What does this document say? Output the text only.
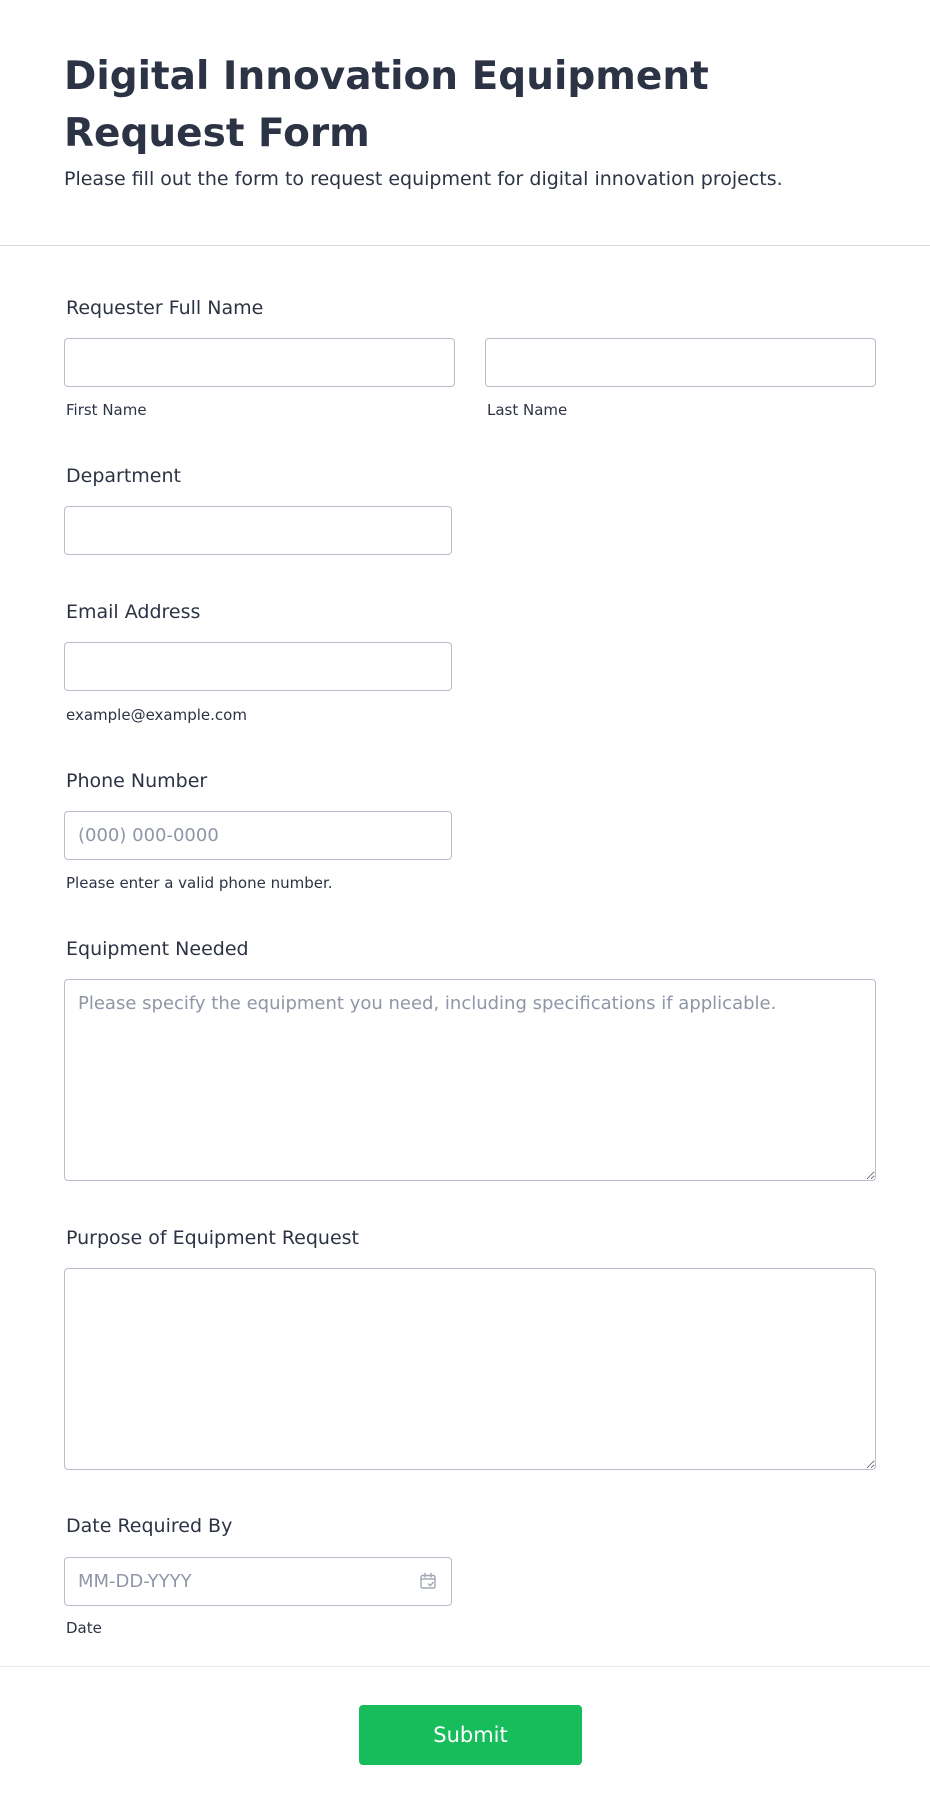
Digital Innovation Equipment Request Form

Please fill out the form to request equipment for digital innovation projects.

Requester Full Name
First Name	Last Name
Department
Email Address
example@example.com
Phone Number
(000) 000-0000
Please enter a valid phone number.
Equipment Needed
Please specify the equipment you need, including specifications if applicable.
Purpose of Equipment Request
Date Required By
MM-DD-YYYY
Date
Submit
